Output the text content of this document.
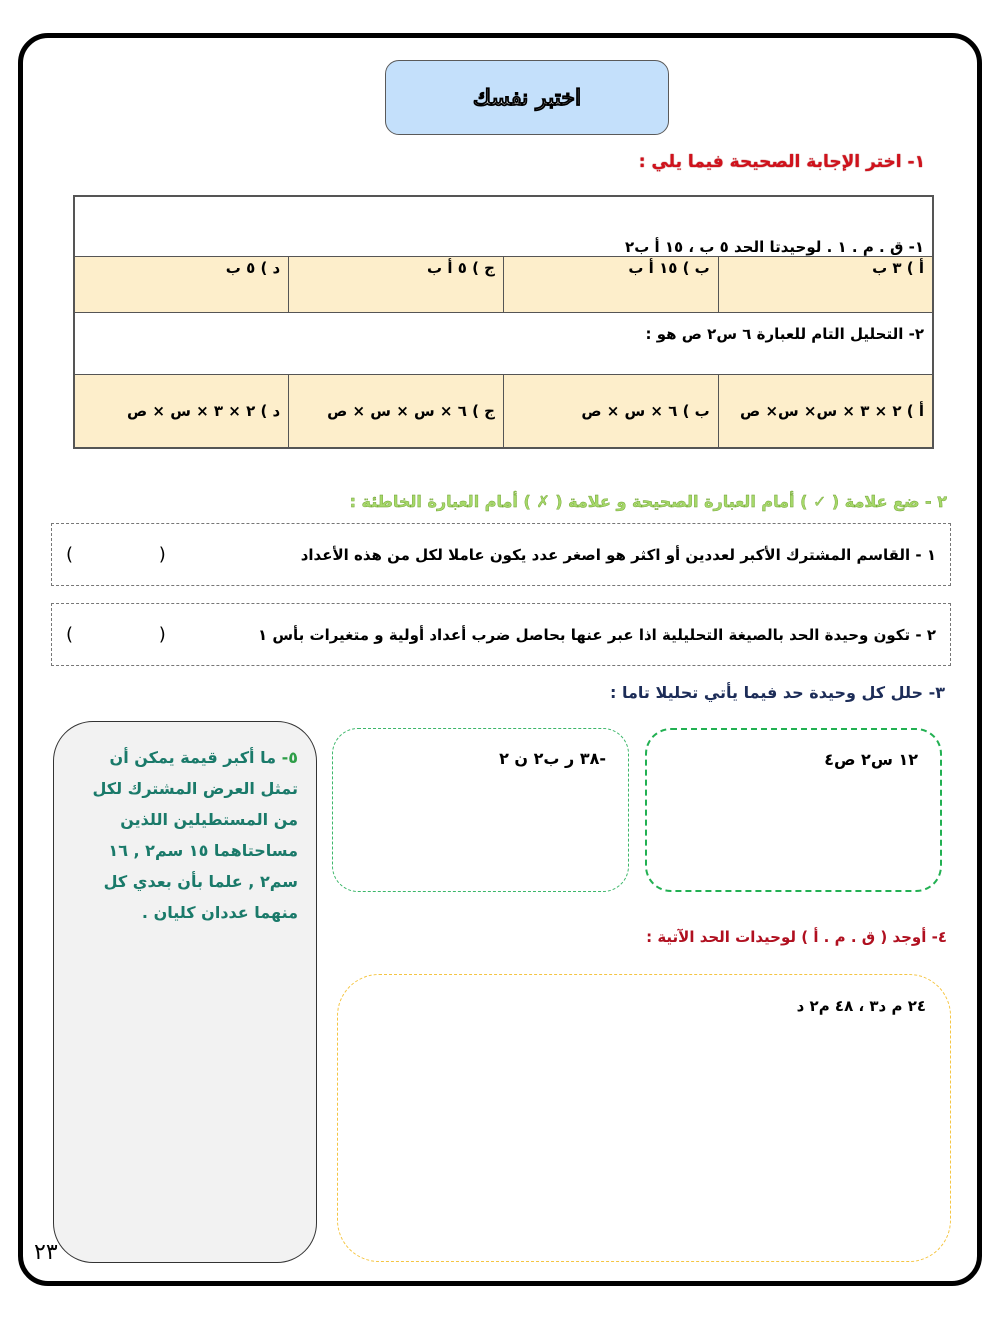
اختبر نفسك
١- اختر الإجابة الصحيحة فيما يلي :
١- ق . م . ١ . لوحيدتا الحد ٥ ب ، ١٥ أ ب٢			
أ ) ٣ ب	ب ) ١٥ أ ب	ج ) ٥ أ ب	د ) ٥ ب
٢- التحليل التام للعبارة ٦ س٢ ص هو :			
أ ) ٢ × ٣ × س× س× ص	ب ) ٦ × س × ص	ج ) ٦ × س × س × ص	د ) ٢ × ٣ × س × ص
٢ - ضع علامة ( ✓ ) أمام العبارة الصحيحة و علامة ( ✗ ) أمام العبارة الخاطئة :
١ - القاسم المشترك الأكبر لعددين أو اكثر هو اصغر عدد يكون عاملا لكل من هذه الأعداد
( )
٢ - تكون وحيدة الحد بالصيغة التحليلية اذا عبر عنها بحاصل ضرب أعداد أولية و متغيرات بأس ١
( )
٣- حلل كل وحيدة حد فيما يأتي تحليلا تاما :
١٢ س٢ ص٤
-٣٨ ر ب٢ ن ٢
٥- ما أكبر قيمة يمكن أن تمثل العرض المشترك لكل من المستطيلين اللذين مساحتاهما ١٥ سم٢ , ١٦ سم٢ , علما بأن بعدي كل منهما عددان كليان .
٤- أوجد ( ق . م . أ ) لوحيدات الحد الآتية :
٢٤ م د٣ ، ٤٨ م٢ د
٢٣
